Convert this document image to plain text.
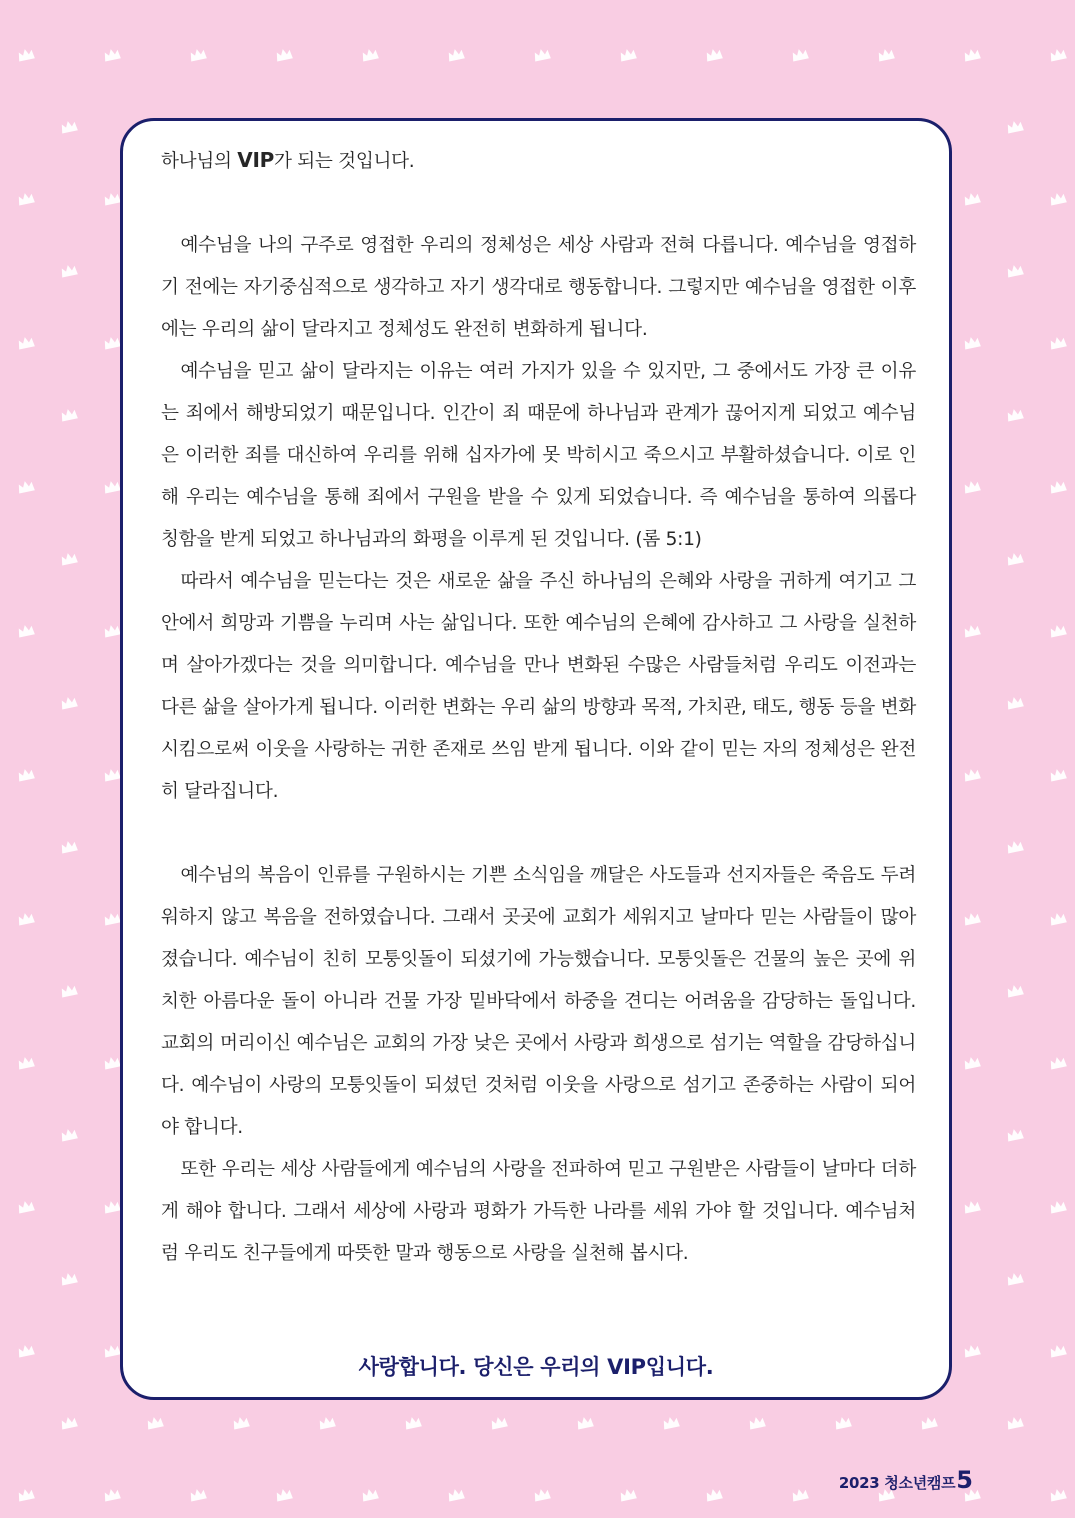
하나님의 VIP가 되는 것입니다.

예수님을 나의 구주로 영접한 우리의 정체성은 세상 사람과 전혀 다릅니다. 예수님을 영접하기 전에는 자기중심적으로 생각하고 자기 생각대로 행동합니다. 그렇지만 예수님을 영접한 이후에는 우리의 삶이 달라지고 정체성도 완전히 변화하게 됩니다.

예수님을 믿고 삶이 달라지는 이유는 여러 가지가 있을 수 있지만, 그 중에서도 가장 큰 이유는 죄에서 해방되었기 때문입니다. 인간이 죄 때문에 하나님과 관계가 끊어지게 되었고 예수님은 이러한 죄를 대신하여 우리를 위해 십자가에 못 박히시고 죽으시고 부활하셨습니다. 이로 인해 우리는 예수님을 통해 죄에서 구원을 받을 수 있게 되었습니다. 즉 예수님을 통하여 의롭다 칭함을 받게 되었고 하나님과의 화평을 이루게 된 것입니다. (롬 5:1)

따라서 예수님을 믿는다는 것은 새로운 삶을 주신 하나님의 은혜와 사랑을 귀하게 여기고 그 안에서 희망과 기쁨을 누리며 사는 삶입니다. 또한 예수님의 은혜에 감사하고 그 사랑을 실천하며 살아가겠다는 것을 의미합니다. 예수님을 만나 변화된 수많은 사람들처럼 우리도 이전과는 다른 삶을 살아가게 됩니다. 이러한 변화는 우리 삶의 방향과 목적, 가치관, 태도, 행동 등을 변화시킴으로써 이웃을 사랑하는 귀한 존재로 쓰임 받게 됩니다. 이와 같이 믿는 자의 정체성은 완전히 달라집니다.

예수님의 복음이 인류를 구원하시는 기쁜 소식임을 깨달은 사도들과 선지자들은 죽음도 두려워하지 않고 복음을 전하였습니다. 그래서 곳곳에 교회가 세워지고 날마다 믿는 사람들이 많아졌습니다. 예수님이 친히 모퉁잇돌이 되셨기에 가능했습니다. 모퉁잇돌은 건물의 높은 곳에 위치한 아름다운 돌이 아니라 건물 가장 밑바닥에서 하중을 견디는 어려움을 감당하는 돌입니다. 교회의 머리이신 예수님은 교회의 가장 낮은 곳에서 사랑과 희생으로 섬기는 역할을 감당하십니다. 예수님이 사랑의 모퉁잇돌이 되셨던 것처럼 이웃을 사랑으로 섬기고 존중하는 사람이 되어야 합니다.

또한 우리는 세상 사람들에게 예수님의 사랑을 전파하여 믿고 구원받은 사람들이 날마다 더하게 해야 합니다. 그래서 세상에 사랑과 평화가 가득한 나라를 세워 가야 할 것입니다. 예수님처럼 우리도 친구들에게 따뜻한 말과 행동으로 사랑을 실천해 봅시다.

사랑합니다. 당신은 우리의 VIP입니다.
2023 청소년캠프5
